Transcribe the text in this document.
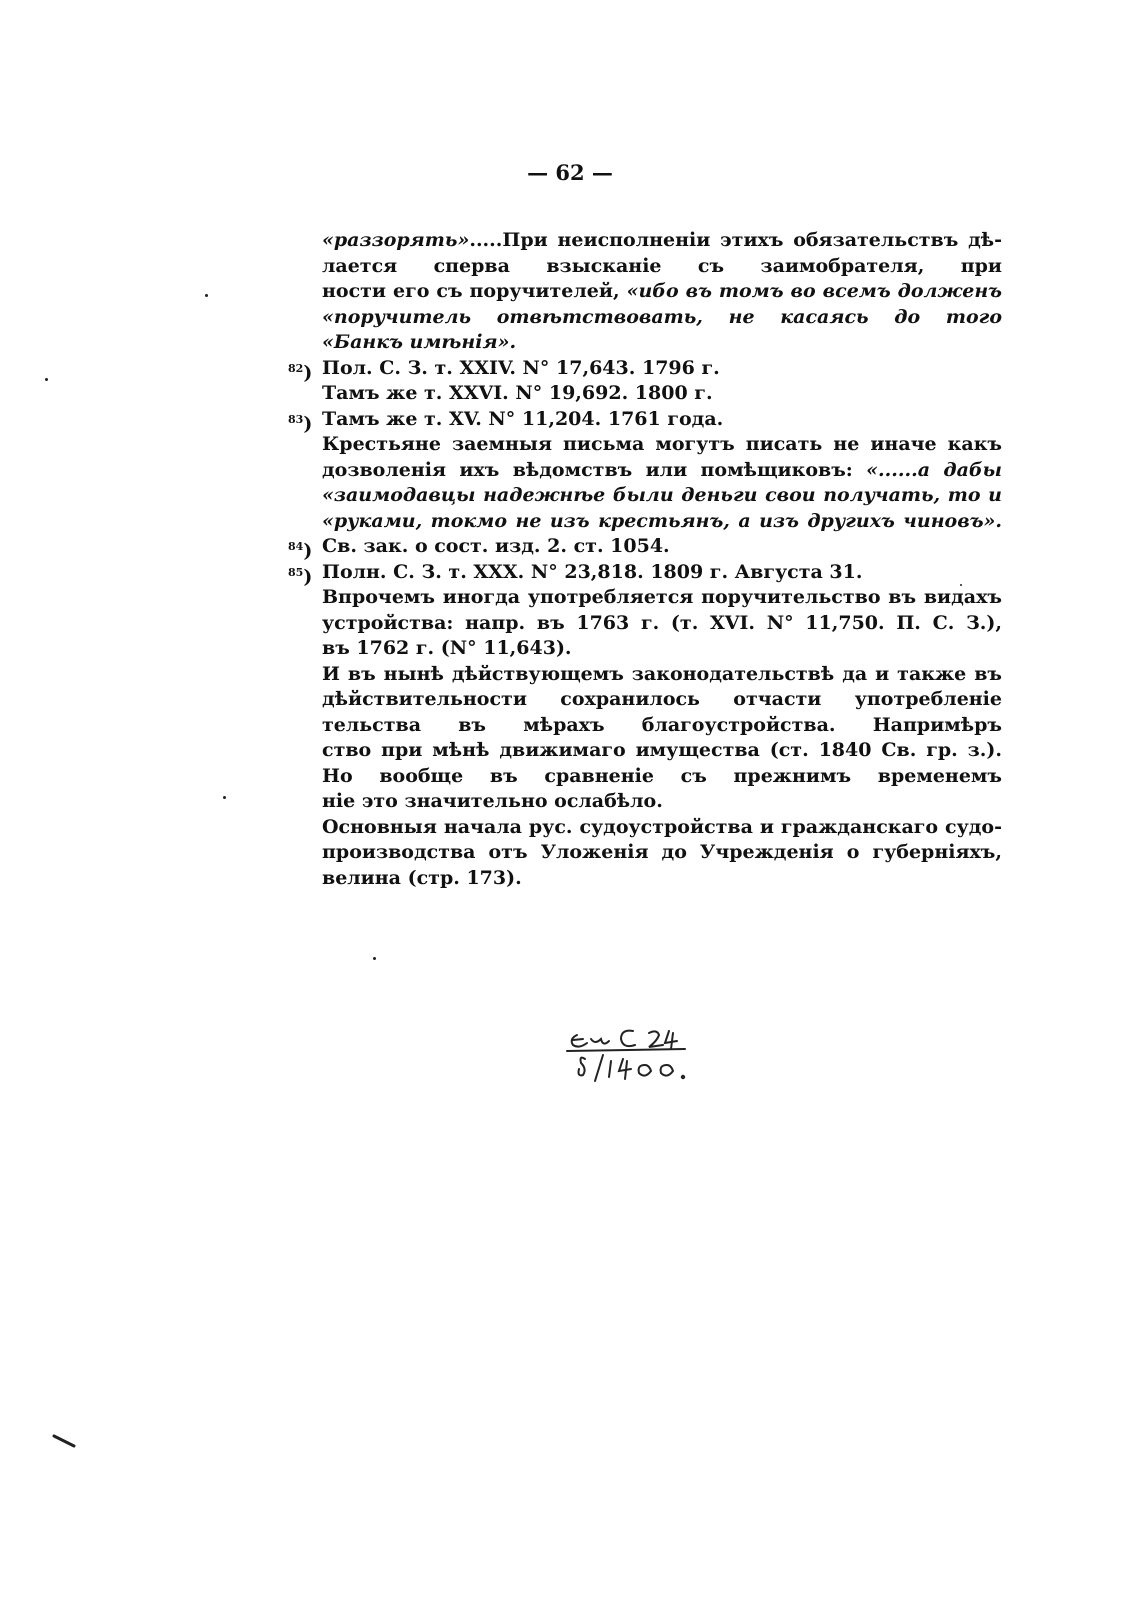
— 62 —
«раззорять».....При неисполненіи этихъ обязательствъ дѣ-
лается сперва взысканіе съ заимобрателя, при
ности его съ поручителей, «ибо въ томъ во всемъ долженъ
«поручитель отвѣтствовать, не касаясь до того
«Банкъ имѣнія».
$^{82}$) Пол. С. З. т. XXIV. N° 17,643. 1796 г.
Тамъ же т. XXVI. N° 19,692. 1800 г.
$^{83}$) Тамъ же т. XV. N° 11,204. 1761 года.
Крестьяне заемныя письма могутъ писать не иначе какъ
дозволенія ихъ вѣдомствъ или помѣщиковъ: «......а дабы
«заимодавцы надежнѣе были деньги свои получать, то и
«руками, токмо не изъ крестьянъ, а изъ другихъ чиновъ».
$^{84}$) Св. зак. о сост. изд. 2. ст. 1054.
$^{85}$) Полн. С. З. т. XXX. N° 23,818. 1809 г. Августа 31.
Впрочемъ иногда употребляется поручительство въ видахъ
устройства: напр. въ 1763 г. (т. XVI. N° 11,750. П. С. З.),
въ 1762 г. (N° 11,643).
И въ нынѣ дѣйствующемъ законодательствѣ да и также въ
дѣйствительности сохранилось отчасти употребленіе
тельства въ мѣрахъ благоустройства. Напримѣръ
ство при мѣнѣ движимаго имущества (ст. 1840 Св. гр. з.).
Но вообще въ сравненіе съ прежнимъ временемъ
ніе это значительно ослабѣло.
Основныя начала рус. судоустройства и гражданскаго судо-
производства отъ Уложенія до Учрежденія о губерніяхъ,
велина (стр. 173).
